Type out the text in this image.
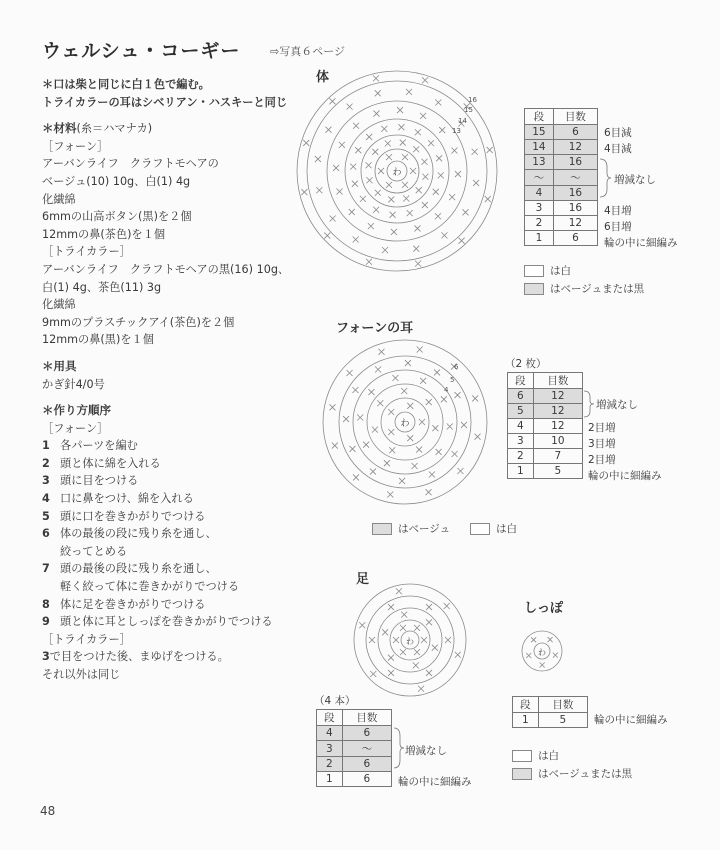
ウェルシュ・コーギー	⇨写真６ページ
＊口は柴と同じに白１色で編む。
トライカラーの耳はシベリアン・ハスキーと同じ
＊材料(糸＝ハマナカ)
［フォーン］
アーバンライフ　クラフトモヘアの
ベージュ(10) 10g、白(1) 4g
化繊綿
6mmの山高ボタン(黒)を２個
12mmの鼻(茶色)を１個
［トライカラー］
アーバンライフ　クラフトモヘアの黒(16) 10g、
白(1) 4g、茶色(11) 3g
化繊綿
9mmのプラスチックアイ(茶色)を２個
12mmの鼻(黒)を１個
＊用具
かぎ針4/0号
＊作り方順序
［フォーン］
1 各パーツを編む
2 頭と体に綿を入れる
3 頭に目をつける
4 口に鼻をつけ、綿を入れる
5 頭に口を巻きかがりでつける
6 体の最後の段に残り糸を通し、
絞ってとめる
7 頭の最後の段に残り糸を通し、
軽く絞って体に巻きかがりでつける
8 体に足を巻きかがりでつける
9 頭と体に耳としっぽを巻きかがりでつける
［トライカラー］
3で目をつけた後、まゆげをつける。
それ以外は同じ
体
わ
16
15
14
13
段	目数
15	6
14	12
13	16
～	～
4	16
3	16
2	12
1	6
6目減
4目減
増減なし
4目増
6目増
輪の中に細編み
は白
はベージュまたは黒
フォーンの耳
わ
6
5
4
（2 枚）
段	目数
6	12
5	12
4	12
3	10
2	7
1	5
増減なし
2目増
3目増
2目増
輪の中に細編み
はベージュ	は白
足
わ
（4 本）
段	目数
4	6
3	～
2	6
1	6
増減なし
輪の中に細編み
しっぽ
わ
段	目数
1	5	輪の中に細編み
は白
はベージュまたは黒
48
